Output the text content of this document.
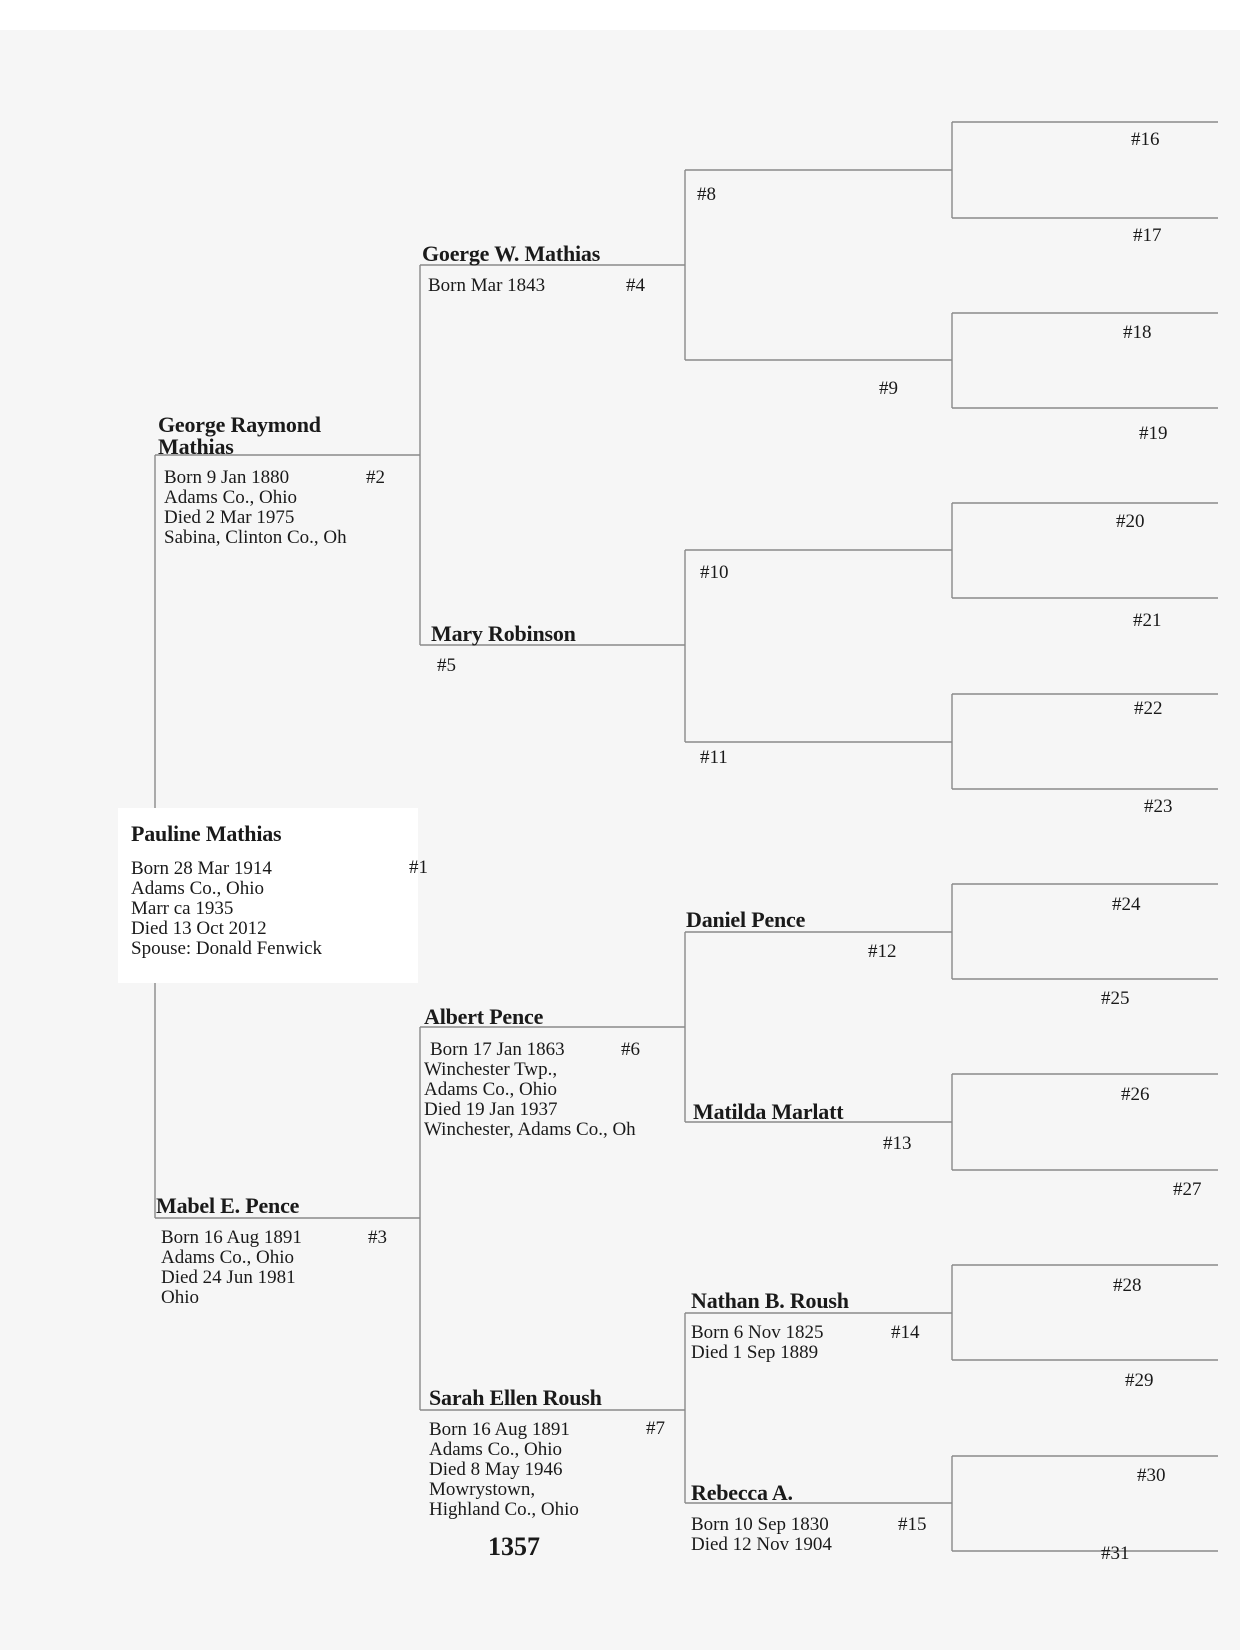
Pauline Mathias
#1
Born 28 Mar 1914
Adams Co., Ohio
Marr ca 1935
Died 13 Oct 2012
Spouse: Donald Fenwick
George Raymond
Mathias
#2
Born 9 Jan 1880
Adams Co., Ohio
Died 2 Mar 1975
Sabina, Clinton Co., Oh
Mabel E. Pence
#3
Born 16 Aug 1891
Adams Co., Ohio
Died 24 Jun 1981
Ohio
Goerge W. Mathias
#4
Born Mar 1843
Mary Robinson
#5
Albert Pence
#6
Born 17 Jan 1863
Winchester Twp.,
Adams Co., Ohio
Died 19 Jan 1937
Winchester, Adams Co., Oh
Sarah Ellen Roush
#7
Born 16 Aug 1891
Adams Co., Ohio
Died 8 May 1946
Mowrystown,
Highland Co., Ohio
#8
#9
#10
#11
Daniel Pence
#12
Matilda Marlatt
#13
Nathan B. Roush
#14
Born 6 Nov 1825
Died 1 Sep 1889
Rebecca A.
#15
Born 10 Sep 1830
Died 12 Nov 1904
#16
#17
#18
#19
#20
#21
#22
#23
#24
#25
#26
#27
#28
#29
#30
#31
1357
